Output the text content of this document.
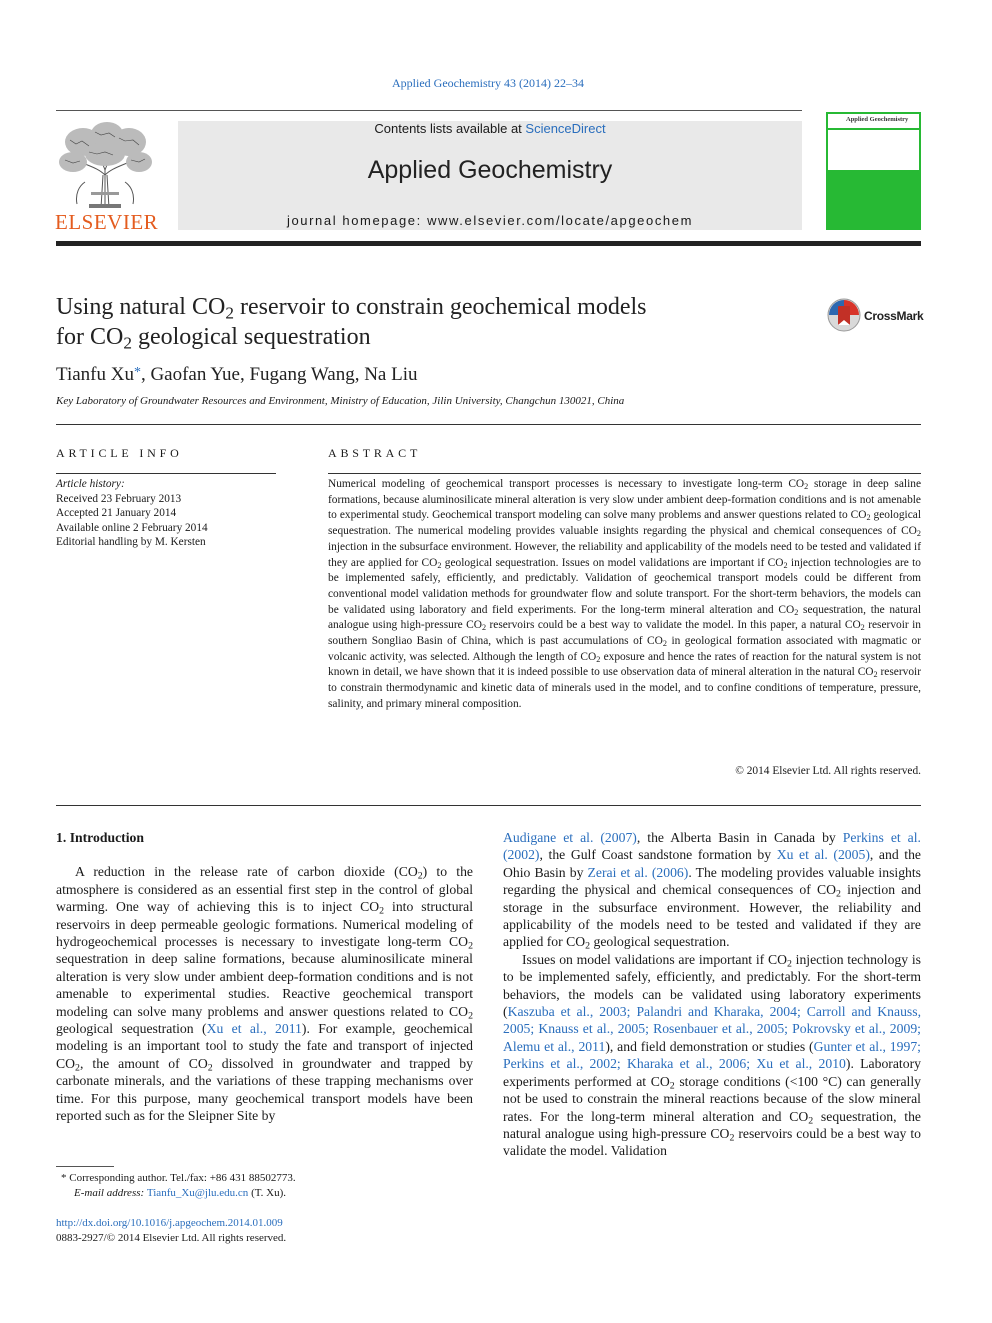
Applied Geochemistry 43 (2014) 22–34
ELSEVIER
Contents lists available at ScienceDirect
Applied Geochemistry
journal homepage: www.elsevier.com/locate/apgeochem
Applied Geochemistry
Using natural $CO_2$ reservoir to constrain geochemical models
for $CO_2$ geological sequestration
CrossMark
Tianfu Xu*, Gaofan Yue, Fugang Wang, Na Liu
Key Laboratory of Groundwater Resources and Environment, Ministry of Education, Jilin University, Changchun 130021, China
ARTICLE INFO
Article history:
Received 23 February 2013
Accepted 21 January 2014
Available online 2 February 2014
Editorial handling by M. Kersten
ABSTRACT
Numerical modeling of geochemical transport processes is necessary to investigate long-term $CO_2$ storage in deep saline formations, because aluminosilicate mineral alteration is very slow under ambient deep-formation conditions and is not amenable to experimental study. Geochemical transport modeling can solve many problems and answer questions related to $CO_2$ geological sequestration. The numerical modeling provides valuable insights regarding the physical and chemical consequences of $CO_2$ injection in the subsurface environment. However, the reliability and applicability of the models need to be tested and validated if they are applied for $CO_2$ geological sequestration. Issues on model validations are important if $CO_2$ injection technologies are to be implemented safely, efficiently, and predictably. Validation of geochemical transport models could be different from conventional model validation methods for groundwater flow and solute transport. For the short-term behaviors, the models can be validated using laboratory and field experiments. For the long-term mineral alteration and $CO_2$ sequestration, the natural analogue using high-pressure $CO_2$ reservoirs could be a best way to validate the model. In this paper, a natural $CO_2$ reservoir in southern Songliao Basin of China, which is past accumulations of $CO_2$ in geological formation associated with magmatic or volcanic activity, was selected. Although the length of $CO_2$ exposure and hence the rates of reaction for the natural system is not known in detail, we have shown that it is indeed possible to use observation data of mineral alteration in the natural $CO_2$ reservoir to constrain thermodynamic and kinetic data of minerals used in the model, and to confine conditions of temperature, pressure, salinity, and primary mineral composition.
© 2014 Elsevier Ltd. All rights reserved.
1. Introduction

A reduction in the release rate of carbon dioxide $(CO_2)$ to the atmosphere is considered as an essential first step in the control of global warming. One way of achieving this is to inject $CO_2$ into structural reservoirs in deep permeable geologic formations. Numerical modeling of hydrogeochemical processes is necessary to investigate long-term $CO_2$ sequestration in deep saline formations, because aluminosilicate mineral alteration is very slow under ambient deep-formation conditions and is not amenable to experimental studies. Reactive geochemical transport modeling can solve many problems and answer questions related to $CO_2$ geological sequestration (Xu et al., 2011). For example, geochemical modeling is an important tool to study the fate and transport of injected $CO_2$, the amount of $CO_2$ dissolved in groundwater and trapped by carbonate minerals, and the variations of these trapping mechanisms over time. For this purpose, many geochemical transport models have been reported such as for the Sleipner Site by

Audigane et al. (2007), the Alberta Basin in Canada by Perkins et al. (2002), the Gulf Coast sandstone formation by Xu et al. (2005), and the Ohio Basin by Zerai et al. (2006). The modeling provides valuable insights regarding the physical and chemical consequences of $CO_2$ injection and storage in the subsurface environment. However, the reliability and applicability of the models need to be tested and validated if they are applied for $CO_2$ geological sequestration.

Issues on model validations are important if $CO_2$ injection technology is to be implemented safely, efficiently, and predictably. For the short-term behaviors, the models can be validated using laboratory experiments (Kaszuba et al., 2003; Palandri and Kharaka, 2004; Carroll and Knauss, 2005; Knauss et al., 2005; Rosenbauer et al., 2005; Pokrovsky et al., 2009; Alemu et al., 2011), and field demonstration or studies (Gunter et al., 1997; Perkins et al., 2002; Kharaka et al., 2006; Xu et al., 2010). Laboratory experiments performed at $CO_2$ storage conditions (<100 °C) can generally not be used to constrain the mineral reactions because of the slow mineral rates. For the long-term mineral alteration and $CO_2$ sequestration, the natural analogue using high-pressure $CO_2$ reservoirs could be a best way to validate the model. Validation

* Corresponding author. Tel./fax: +86 431 88502773.
E-mail address: Tianfu_Xu@jlu.edu.cn (T. Xu).
http://dx.doi.org/10.1016/j.apgeochem.2014.01.009
0883-2927/© 2014 Elsevier Ltd. All rights reserved.
